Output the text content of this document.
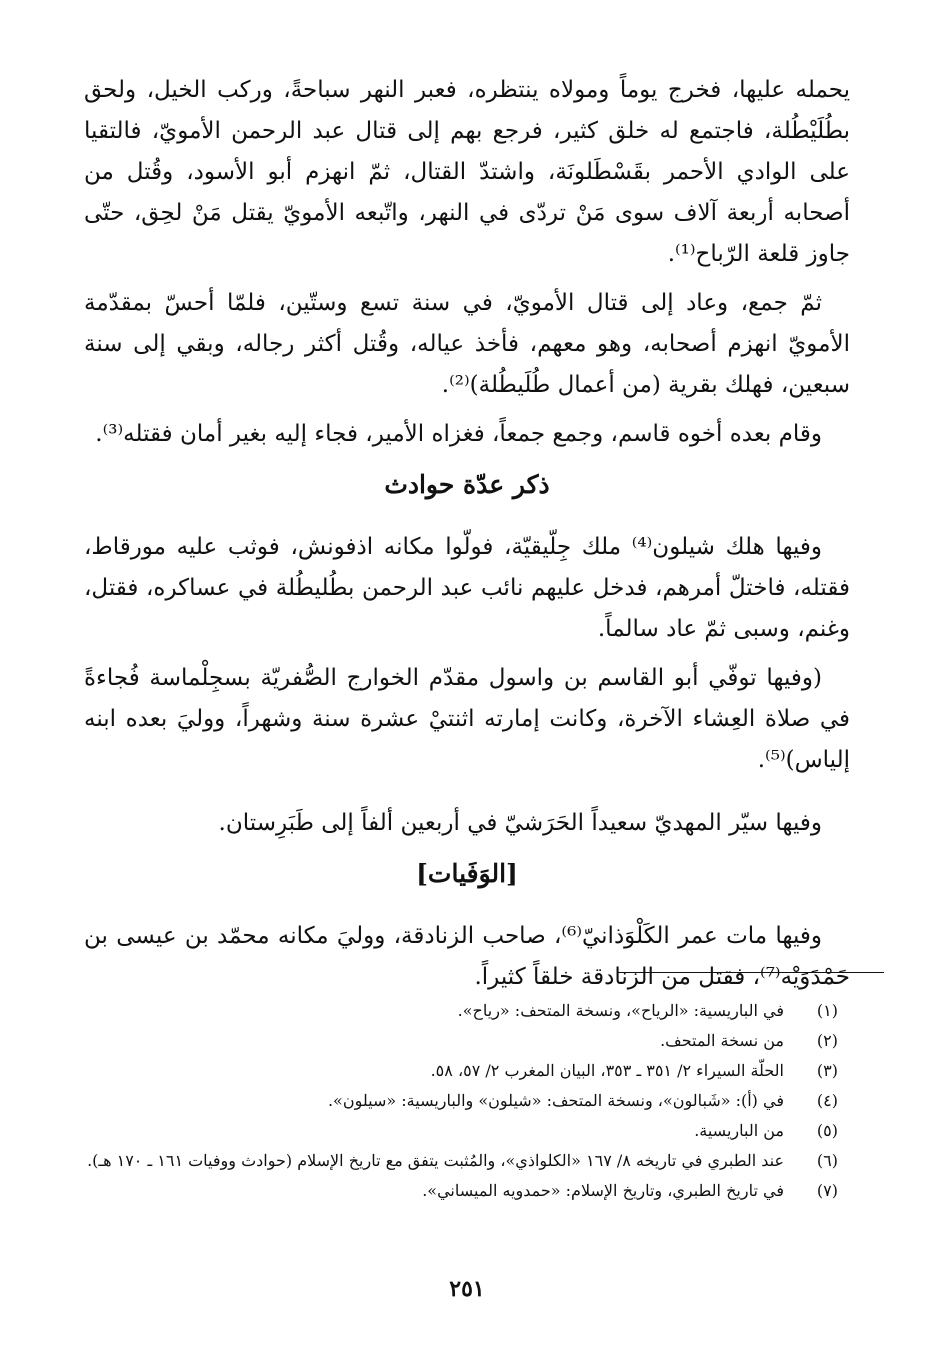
يحمله عليها، فخرج يوماً ومولاه ينتظره، فعبر النهر سباحةً، وركب الخيل، ولحق بطُلَيْطُلة، فاجتمع له خلق كثير، فرجع بهم إلى قتال عبد الرحمن الأمويّ، فالتقيا على الوادي الأحمر بقَسْطَلونَة، واشتدّ القتال، ثمّ انهزم أبو الأسود، وقُتل من أصحابه أربعة آلاف سوى مَنْ تردّى في النهر، واتّبعه الأمويّ يقتل مَنْ لحِق، حتّى جاوز قلعة الرّباح⁽¹⁾.

ثمّ جمع، وعاد إلى قتال الأمويّ، في سنة تسع وستّين، فلمّا أحسّ بمقدّمة الأمويّ انهزم أصحابه، وهو معهم، فأخذ عياله، وقُتل أكثر رجاله، وبقي إلى سنة سبعين، فهلك بقرية (من أعمال طُلَيطُلة)⁽²⁾.

وقام بعده أخوه قاسم، وجمع جمعاً، فغزاه الأمير، فجاء إليه بغير أمان فقتله⁽³⁾.

ذكر عدّة حوادث

وفيها هلك شيلون⁽⁴⁾ ملك جِلّيقيّة، فولّوا مكانه اذفونش، فوثب عليه مورقاط، فقتله، فاختلّ أمرهم، فدخل عليهم نائب عبد الرحمن بطُليطُلة في عساكره، فقتل، وغنم، وسبى ثمّ عاد سالماً.

(وفيها توفّي أبو القاسم بن واسول مقدّم الخوارج الصُّفريّة بسجِلْماسة فُجاءةً في صلاة العِشاء الآخرة، وكانت إمارته اثنتيْ عشرة سنة وشهراً، ووليَ بعده ابنه إلياس)⁽⁵⁾.

وفيها سيّر المهديّ سعيداً الحَرَشيّ في أربعين ألفاً إلى طَبَرِستان.

[الوَفَيات]

وفيها مات عمر الكَلْوَذانيّ⁽⁶⁾، صاحب الزنادقة، ووليَ مكانه محمّد بن عيسى بن حَمْدَوَيْه⁽⁷⁾، فقتل من الزنادقة خلقاً كثيراً.

(١)
في الباريسية: «الرياح»، ونسخة المتحف: «رياح».
(٢)
من نسخة المتحف.
(٣)
الحلّة السيراء ٢/ ٣٥١ ـ ٣٥٣، البيان المغرب ٢/ ٥٧، ٥٨.
(٤)
في (أ): «شَبالون»، ونسخة المتحف: «شيلون» والباريسية: «سيلون».
(٥)
من الباريسية.
(٦)
عند الطبري في تاريخه ٨/ ١٦٧ «الكلواذي»، والمُثبت يتفق مع تاريخ الإسلام (حوادث ووفيات ١٦١ ـ ١٧٠ هـ).
(٧)
في تاريخ الطبري، وتاريخ الإسلام: «حمدويه الميساني».
٢٥١
